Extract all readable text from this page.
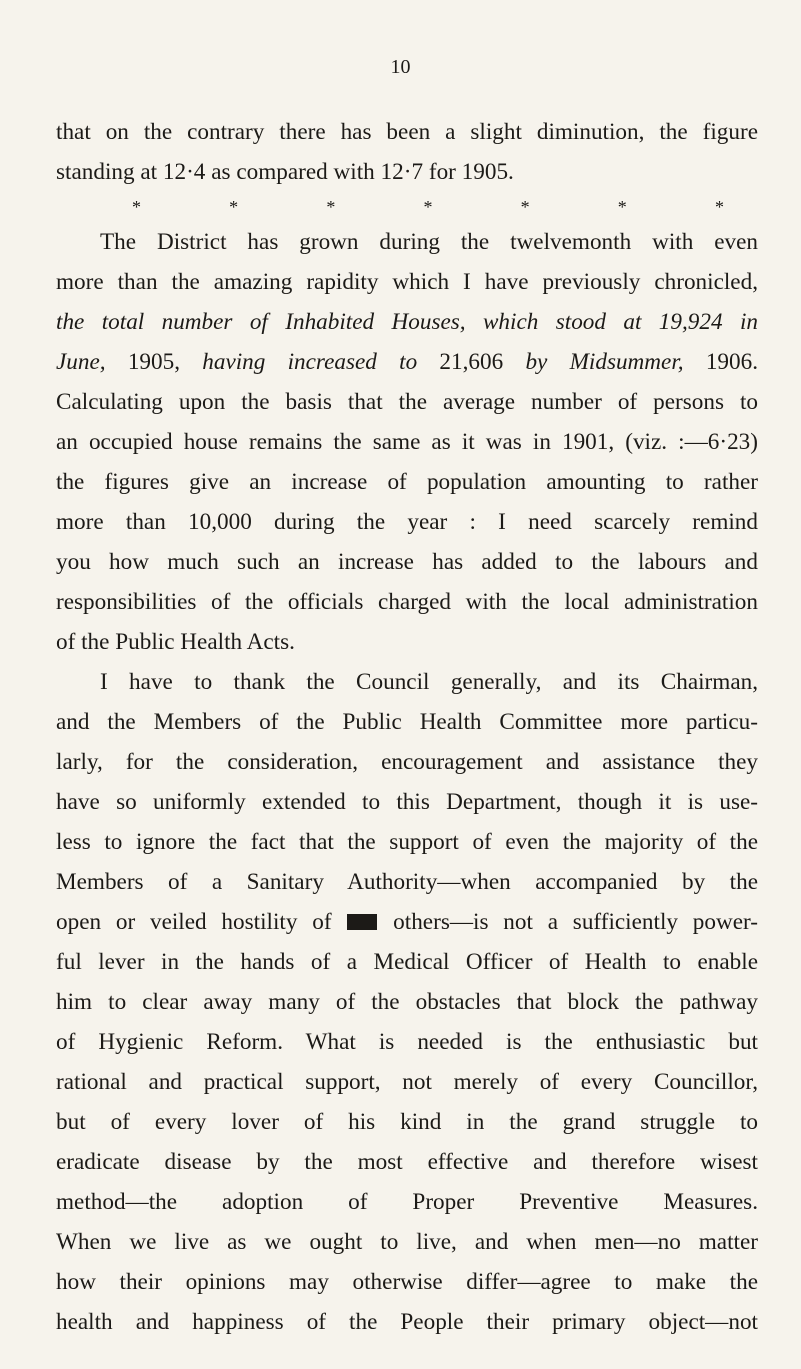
10
that on the contrary there has been a slight diminution, the figure
standing at 12·4 as compared with 12·7 for 1905.
*	*	*	*	*	*	*
The District has grown during the twelvemonth with even
more than the amazing rapidity which I have previously chronicled,
the total number of Inhabited Houses, which stood at 19,924 in
June, 1905, having increased to 21,606 by Midsummer, 1906.
Calculating upon the basis that the average number of persons to
an occupied house remains the same as it was in 1901, (viz. :—6·23)
the figures give an increase of population amounting to rather
more than 10,000 during the year : I need scarcely remind
you how much such an increase has added to the labours and
responsibilities of the officials charged with the local administration
of the Public Health Acts.
I have to thank the Council generally, and its Chairman,
and the Members of the Public Health Committee more particu-
larly, for the consideration, encouragement and assistance they
have so uniformly extended to this Department, though it is use-
less to ignore the fact that the support of even the majority of the
Members of a Sanitary Authority—when accompanied by the
open or veiled hostility of	others—is not a sufficiently power-
ful lever in the hands of a Medical Officer of Health to enable
him to clear away many of the obstacles that block the pathway
of Hygienic Reform. What is needed is the enthusiastic but
rational and practical support, not merely of every Councillor,
but of every lover of his kind in the grand struggle to
eradicate disease by the most effective and therefore wisest
method—the adoption of Proper Preventive Measures.
When we live as we ought to live, and when men—no matter
how their opinions may otherwise differ—agree to make the
health and happiness of the People their primary object—not
